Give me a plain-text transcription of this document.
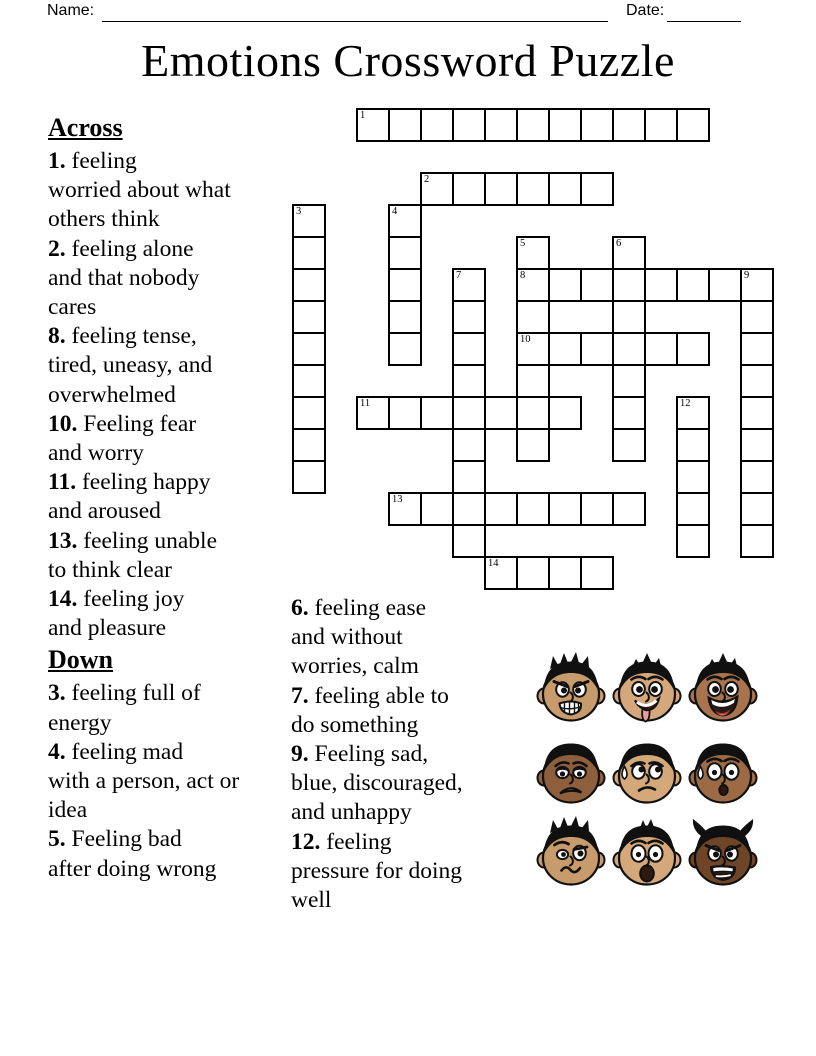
Name:	Date:
Emotions Crossword Puzzle
1
2
3	4
5
8
10
6
7	9
11	12
13
14
Across
1. feeling
worried about what
others think
2. feeling alone
and that nobody
cares
8. feeling tense,
tired, uneasy, and
overwhelmed
10. Feeling fear
and worry
11. feeling happy
and aroused
13. feeling unable
to think clear
14. feeling joy
and pleasure
Down
3. feeling full of
energy
4. feeling mad
with a person, act or
idea
5. Feeling bad
after doing wrong
6. feeling ease
and without
worries, calm
7. feeling able to
do something
9. Feeling sad,
blue, discouraged,
and unhappy
12. feeling
pressure for doing
well
